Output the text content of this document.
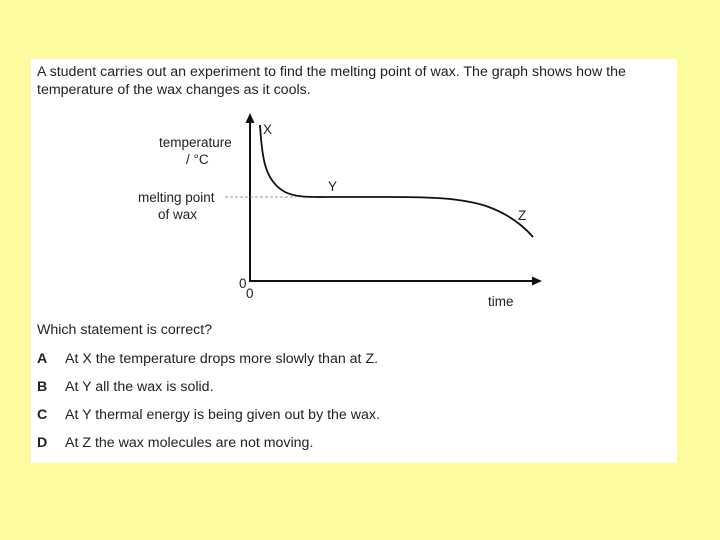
A student carries out an experiment to find the melting point of wax. The graph shows how the temperature of the wax changes as it cools.
temperature
/ °C
melting point
of wax
time
0
0
X
Y
Z
Which statement is correct?
A	At X the temperature drops more slowly than at Z.
B	At Y all the wax is solid.
C	At Y thermal energy is being given out by the wax.
D	At Z the wax molecules are not moving.
